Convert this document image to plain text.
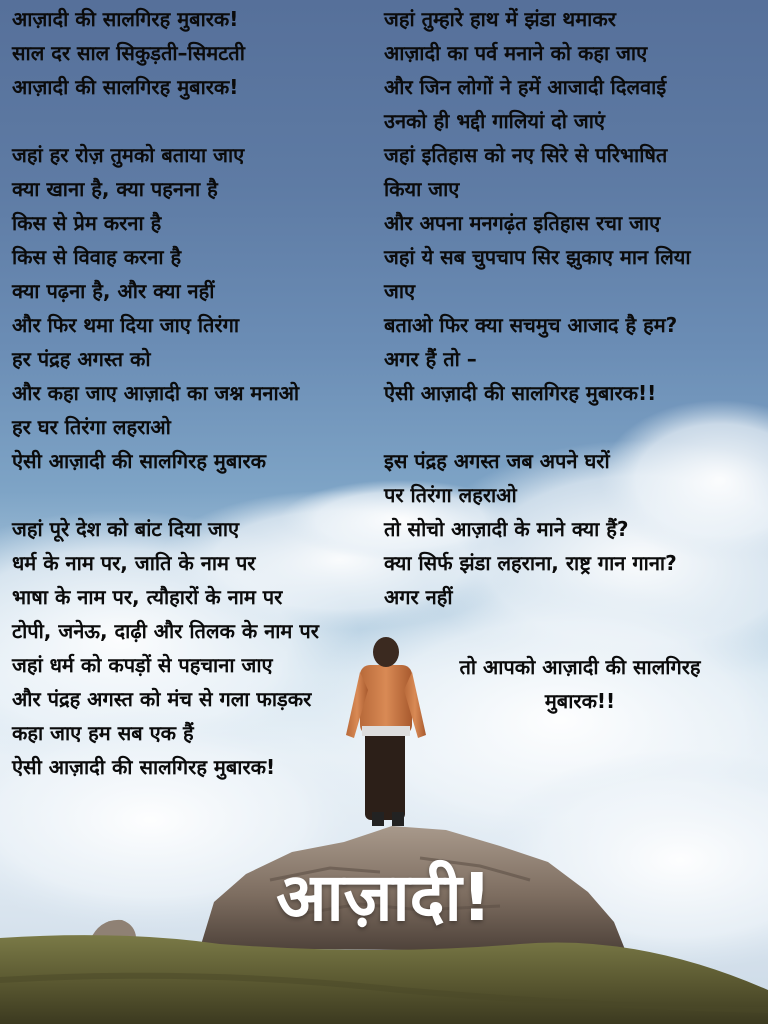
आज़ादी की सालगिरह मुबारक!
साल दर साल सिकुड़ती–सिमटती
आज़ादी की सालगिरह मुबारक!
जहां हर रोज़ तुमको बताया जाए
क्या खाना है, क्या पहनना है
किस से प्रेम करना है
किस से विवाह करना है
क्या पढ़ना है, और क्या नहीं
और फिर थमा दिया जाए तिरंगा
हर पंद्रह अगस्त को
और कहा जाए आज़ादी का जश्न मनाओ
हर घर तिरंगा लहराओ
ऐसी आज़ादी की सालगिरह मुबारक
जहां पूरे देश को बांट दिया जाए
धर्म के नाम पर, जाति के नाम पर
भाषा के नाम पर, त्यौहारों के नाम पर
टोपी, जनेऊ, दाढ़ी और तिलक के नाम पर
जहां धर्म को कपड़ों से पहचाना जाए
और पंद्रह अगस्त को मंच से गला फाड़कर
कहा जाए हम सब एक हैं
ऐसी आज़ादी की सालगिरह मुबारक!
जहां तुम्हारे हाथ में झंडा थमाकर
आज़ादी का पर्व मनाने को कहा जाए
और जिन लोगों ने हमें आजादी दिलवाई
उनको ही भद्दी गालियां दो जाएं
जहां इतिहास को नए सिरे से परिभाषित
किया जाए
और अपना मनगढ़ंत इतिहास रचा जाए
जहां ये सब चुपचाप सिर झुकाए मान लिया
जाए
बताओ फिर क्या सचमुच आजाद है हम?
अगर हैं तो –
ऐसी आज़ादी की सालगिरह मुबारक!!
इस पंद्रह अगस्त जब अपने घरों
पर तिरंगा लहराओ
तो सोचो आज़ादी के माने क्या हैं?
क्या सिर्फ झंडा लहराना, राष्ट्र गान गाना?
अगर नहीं
तो आपको आज़ादी की सालगिरह
मुबारक!!
आज़ादी!
